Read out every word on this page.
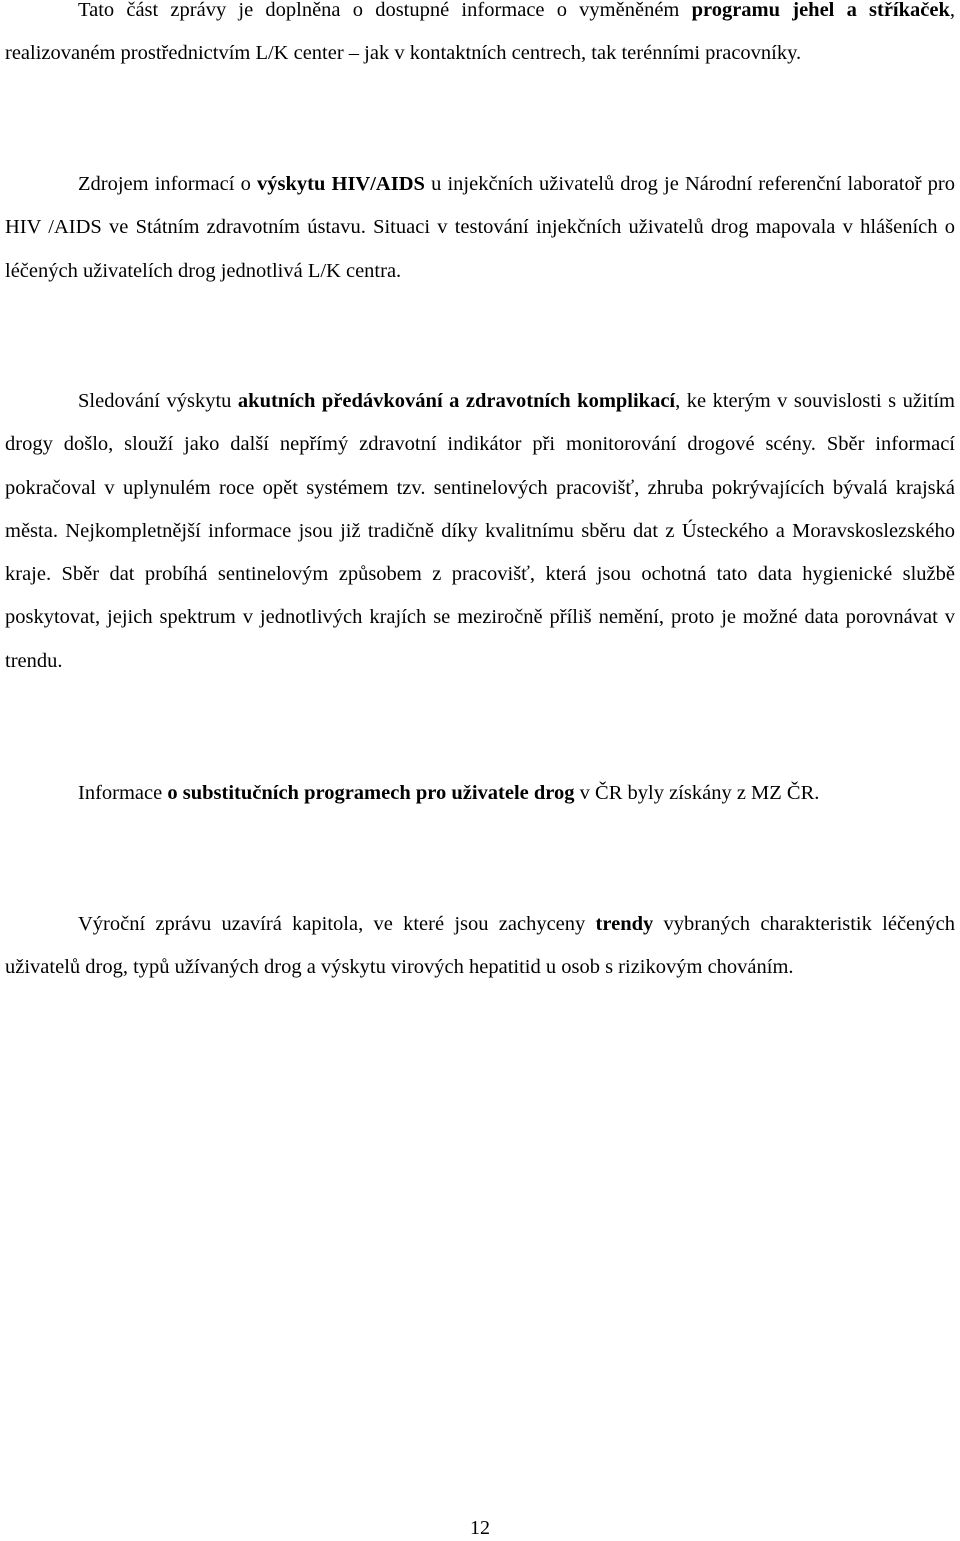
Tato část zprávy je doplněna o dostupné informace o vyměněném programu jehel a stříkaček, realizovaném prostřednictvím L/K center – jak v kontaktních centrech, tak terénními pracovníky.

Zdrojem informací o výskytu HIV/AIDS u injekčních uživatelů drog je Národní referenční laboratoř pro HIV /AIDS ve Státním zdravotním ústavu. Situaci v testování injekčních uživatelů drog mapovala v hlášeních o léčených uživatelích drog jednotlivá L/K centra.

Sledování výskytu akutních předávkování a zdravotních komplikací, ke kterým v souvislosti s užitím drogy došlo, slouží jako další nepřímý zdravotní indikátor při monitorování drogové scény. Sběr informací pokračoval v uplynulém roce opět systémem tzv. sentinelových pracovišť, zhruba pokrývajících bývalá krajská města. Nejkompletnější informace jsou již tradičně díky kvalitnímu sběru dat z Ústeckého a Moravskoslezského kraje. Sběr dat probíhá sentinelovým způsobem z pracovišť, která jsou ochotná tato data hygienické službě poskytovat, jejich spektrum v jednotlivých krajích se meziročně příliš nemění, proto je možné data porovnávat v trendu.

Informace o substitučních programech pro uživatele drog v ČR byly získány z MZ ČR.

Výroční zprávu uzavírá kapitola, ve které jsou zachyceny trendy vybraných charakteristik léčených uživatelů drog, typů užívaných drog a výskytu virových hepatitid u osob s rizikovým chováním.

12
